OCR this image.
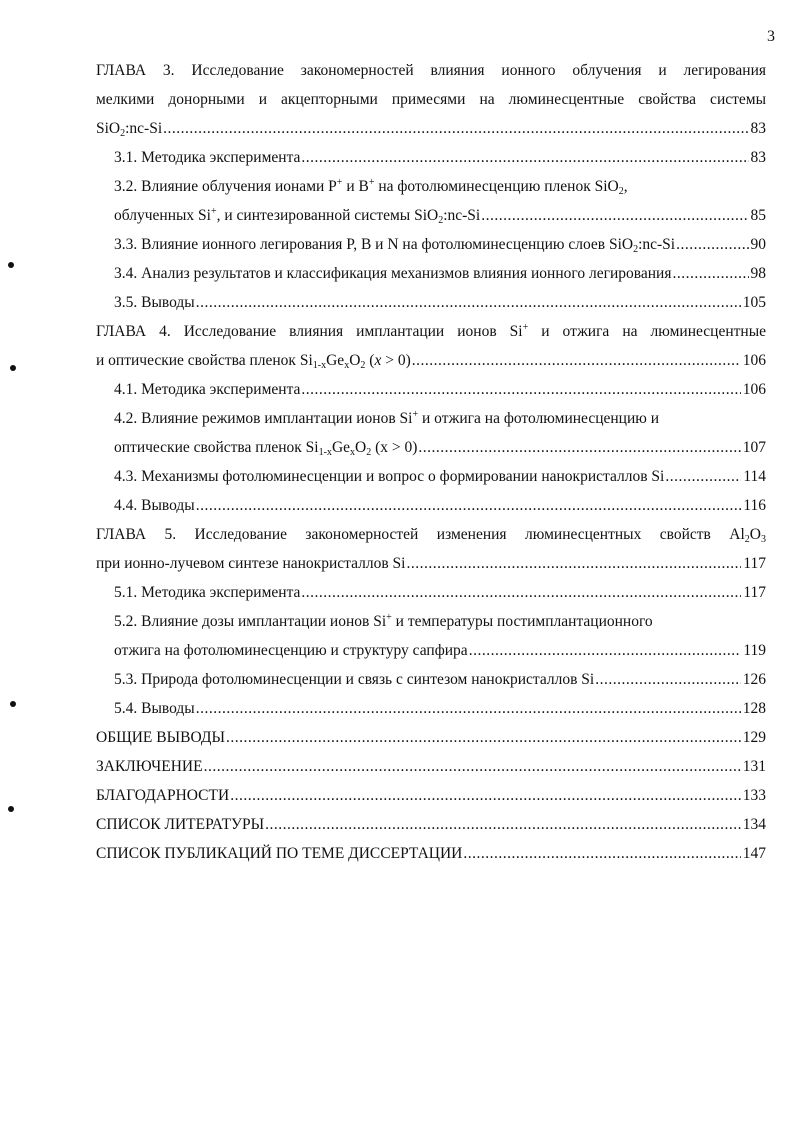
3
ГЛАВА 3. Исследование закономерностей влияния ионного облучения и легирования
мелкими донорными и акцепторными примесями на люминесцентные свойства системы
SiO$_2$:nc-Si .....	83
3.1. Методика эксперимента .....	83
3.2. Влияние облучения ионами P+ и B+ на фотолюминесценцию пленок SiO$_2$,
облученных Si+, и синтезированной системы SiO$_2$:nc-Si .....	85
3.3. Влияние ионного легирования P, B и N на фотолюминесценцию слоев SiO$_2$:nc-Si .....	90
3.4. Анализ результатов и классификация механизмов влияния ионного легирования .....	98
3.5. Выводы .....	105
ГЛАВА 4. Исследование влияния имплантации ионов Si+ и отжига на люминесцентные
и оптические свойства пленок $Si_{1-x}Ge_xO_2$ (x > 0) .....	106
4.1. Методика эксперимента .....	106
4.2. Влияние режимов имплантации ионов Si+ и отжига на фотолюминесценцию и
оптические свойства пленок $Si_{1-x}Ge_xO_2$ (x > 0) .....	107
4.3. Механизмы фотолюминесценции и вопрос о формировании нанокристаллов Si .....	114
4.4. Выводы .....	116
ГЛАВА 5. Исследование закономерностей изменения люминесцентных свойств $Al_2O_3$
при ионно-лучевом синтезе нанокристаллов Si .....	117
5.1. Методика эксперимента .....	117
5.2. Влияние дозы имплантации ионов Si+ и температуры постимплантационного
отжига на фотолюминесценцию и структуру сапфира .....	119
5.3. Природа фотолюминесценции и связь с синтезом нанокристаллов Si .....	126
5.4. Выводы .....	128
ОБЩИЕ ВЫВОДЫ .....	129
ЗАКЛЮЧЕНИЕ .....	131
БЛАГОДАРНОСТИ .....	133
СПИСОК ЛИТЕРАТУРЫ .....	134
СПИСОК ПУБЛИКАЦИЙ ПО ТЕМЕ ДИССЕРТАЦИИ .....	147
